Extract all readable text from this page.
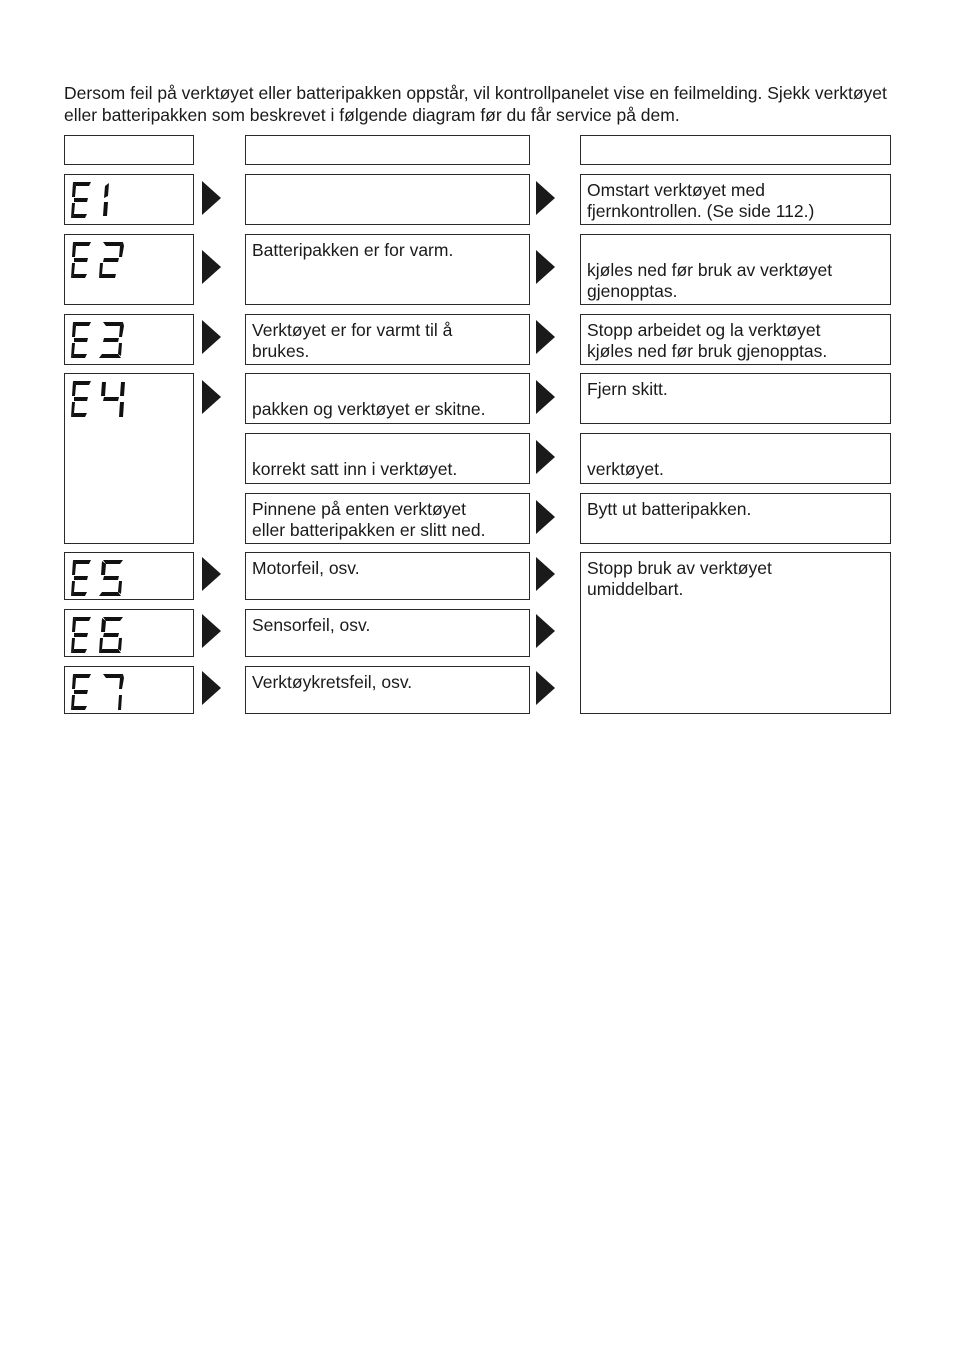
Dersom feil på verktøyet eller batteripakken oppstår, vil kontrollpanelet vise en feilmelding. Sjekk verktøyet eller batteripakken som beskrevet i følgende diagram før du får service på dem.

Batteripakken er for varm.

Verktøyet er for varmt til å
brukes.

pakken og verktøyet er skitne.

korrekt satt inn i verktøyet.

Pinnene på enten verktøyet
eller batteripakken er slitt ned.

Motorfeil, osv.

Sensorfeil, osv.

Verktøykretsfeil, osv.

Omstart verktøyet med
fjernkontrollen. (Se side 112.)

kjøles ned før bruk av verktøyet
gjenopptas.

Stopp arbeidet og la verktøyet
kjøles ned før bruk gjenopptas.

Fjern skitt.

verktøyet.

Bytt ut batteripakken.

Stopp bruk av verktøyet
umiddelbart.
